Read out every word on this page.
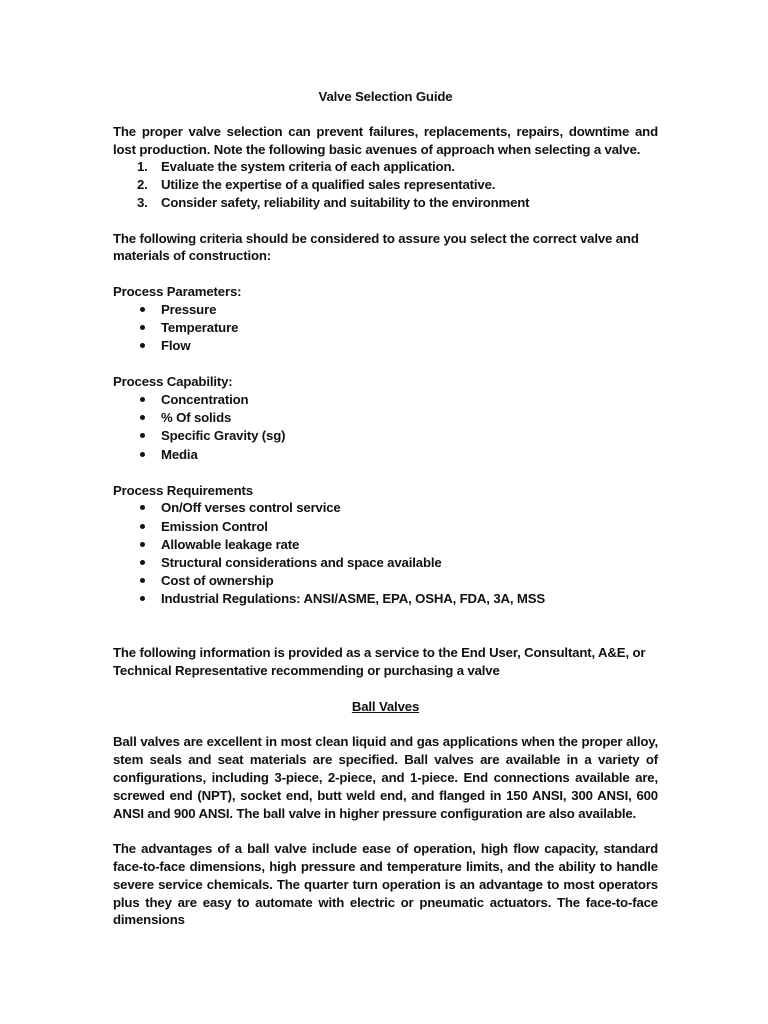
Valve Selection Guide

The proper valve selection can prevent failures, replacements, repairs, downtime and lost production. Note the following basic avenues of approach when selecting a valve.

1. Evaluate the system criteria of each application.
2. Utilize the expertise of a qualified sales representative.
3. Consider safety, reliability and suitability to the environment

The following criteria should be considered to assure you select the correct valve and materials of construction:

Process Parameters:

Pressure
Temperature
Flow

Process Capability:

Concentration
% Of solids
Specific Gravity (sg)
Media

Process Requirements

On/Off verses control service
Emission Control
Allowable leakage rate
Structural considerations and space available
Cost of ownership
Industrial Regulations: ANSI/ASME, EPA, OSHA, FDA, 3A, MSS

The following information is provided as a service to the End User, Consultant, A&E, or Technical Representative recommending or purchasing a valve

Ball Valves

Ball valves are excellent in most clean liquid and gas applications when the proper alloy, stem seals and seat materials are specified. Ball valves are available in a variety of configurations, including 3-piece, 2-piece, and 1-piece. End connections available are, screwed end (NPT), socket end, butt weld end, and flanged in 150 ANSI, 300 ANSI, 600 ANSI and 900 ANSI. The ball valve in higher pressure configuration are also available.

The advantages of a ball valve include ease of operation, high flow capacity, standard face-to-face dimensions, high pressure and temperature limits, and the ability to handle severe service chemicals. The quarter turn operation is an advantage to most operators plus they are easy to automate with electric or pneumatic actuators. The face-to-face dimensions
